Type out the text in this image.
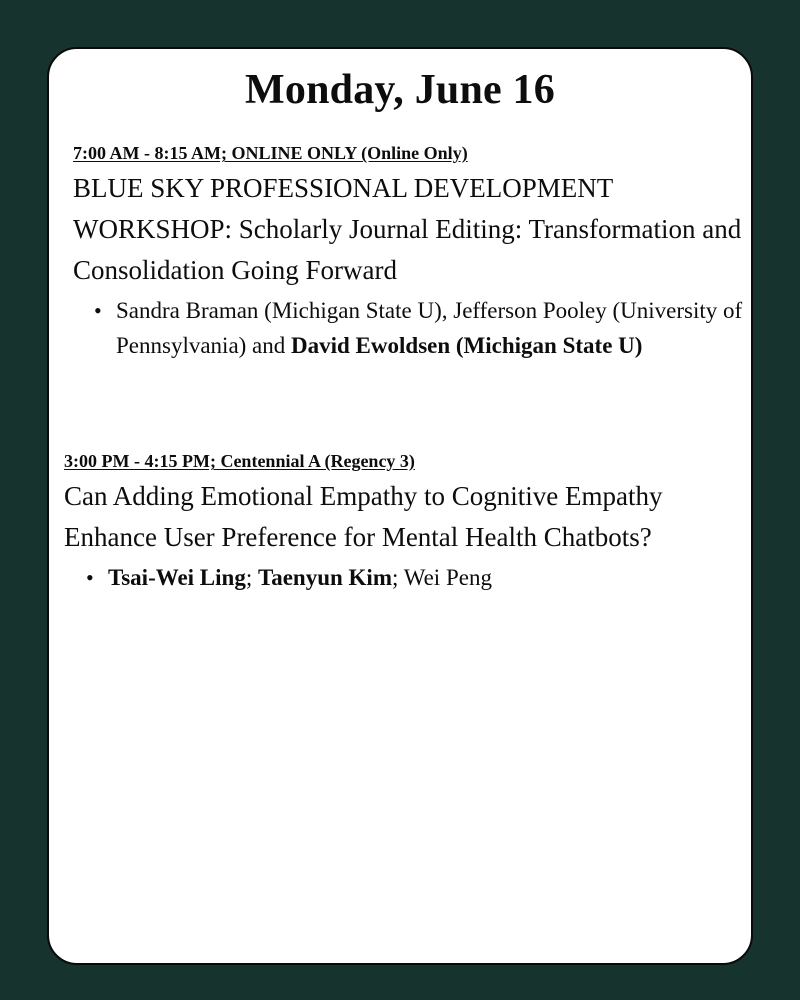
Monday, June 16
7:00 AM - 8:15 AM; ONLINE ONLY (Online Only)
BLUE SKY PROFESSIONAL DEVELOPMENT WORKSHOP: Scholarly Journal Editing: Transformation and Consolidation Going Forward
• Sandra Braman (Michigan State U), Jefferson Pooley (University of Pennsylvania) and David Ewoldsen (Michigan State U)
3:00 PM - 4:15 PM; Centennial A (Regency 3)
Can Adding Emotional Empathy to Cognitive Empathy Enhance User Preference for Mental Health Chatbots?
• Tsai-Wei Ling; Taenyun Kim; Wei Peng
